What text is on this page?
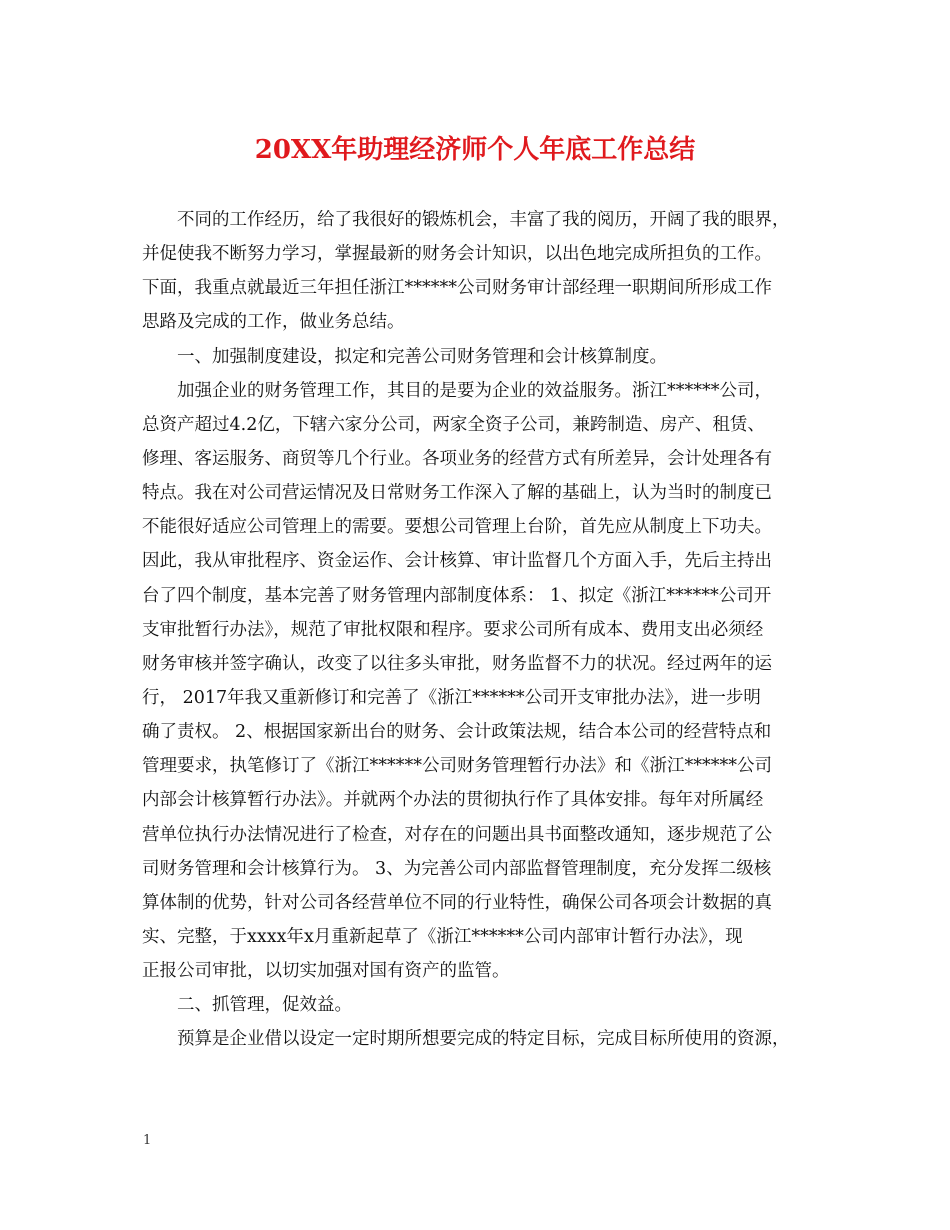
20XX年助理经济师个人年底工作总结
不同的工作经历，给了我很好的锻炼机会，丰富了我的阅历，开阔了我的眼界，
并促使我不断努力学习，掌握最新的财务会计知识，以出色地完成所担负的工作。
下面，我重点就最近三年担任浙江******公司财务审计部经理一职期间所形成工作
思路及完成的工作，做业务总结。
一、加强制度建设，拟定和完善公司财务管理和会计核算制度。
加强企业的财务管理工作，其目的是要为企业的效益服务。浙江******公司，
总资产超过4.2亿，下辖六家分公司，两家全资子公司，兼跨制造、房产、租赁、
修理、客运服务、商贸等几个行业。各项业务的经营方式有所差异，会计处理各有
特点。我在对公司营运情况及日常财务工作深入了解的基础上，认为当时的制度已
不能很好适应公司管理上的需要。要想公司管理上台阶，首先应从制度上下功夫。
因此，我从审批程序、资金运作、会计核算、审计监督几个方面入手，先后主持出
台了四个制度，基本完善了财务管理内部制度体系： 1、拟定《浙江******公司开
支审批暂行办法》，规范了审批权限和程序。要求公司所有成本、费用支出必须经
财务审核并签字确认，改变了以往多头审批，财务监督不力的状况。经过两年的运
行， 2017年我又重新修订和完善了《浙江******公司开支审批办法》，进一步明
确了责权。 2、根据国家新出台的财务、会计政策法规，结合本公司的经营特点和
管理要求，执笔修订了《浙江******公司财务管理暂行办法》和《浙江******公司
内部会计核算暂行办法》。并就两个办法的贯彻执行作了具体安排。每年对所属经
营单位执行办法情况进行了检查，对存在的问题出具书面整改通知，逐步规范了公
司财务管理和会计核算行为。 3、为完善公司内部监督管理制度，充分发挥二级核
算体制的优势，针对公司各经营单位不同的行业特性，确保公司各项会计数据的真
实、完整，于xxxx年x月重新起草了《浙江******公司内部审计暂行办法》，现
正报公司审批，以切实加强对国有资产的监管。
二、抓管理，促效益。
预算是企业借以设定一定时期所想要完成的特定目标，完成目标所使用的资源，
1
